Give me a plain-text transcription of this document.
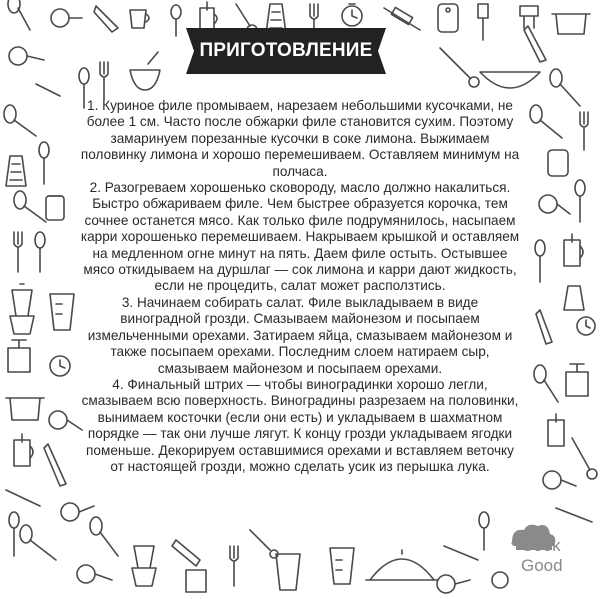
ПРИГОТОВЛЕНИЕ

1. Куриное филе промываем, нарезаем небольшими кусочками, не более 1 см. Часто после обжарки филе становится сухим. Поэтому замаринуем порезанные кусочки в соке лимона. Выжимаем половинку лимона и хорошо перемешиваем. Оставляем минимум на полчаса.

2. Разогреваем хорошенько сковороду, масло должно накалиться. Быстро обжариваем филе. Чем быстрее образуется корочка, тем сочнее останется мясо. Как только филе подрумянилось, насыпаем карри хорошенько перемешиваем. Накрываем крышкой и оставляем на медленном огне минут на пять. Даем филе остыть. Остывшее мясо откидываем на дуршлаг — сок лимона и карри дают жидкость, если не процедить, салат может расползтись.

3. Начинаем собирать салат. Филе выкладываем в виде виноградной грозди. Смазываем майонезом и посыпаем измельченными орехами. Затираем яйца, смазываем майонезом и также посыпаем орехами. Последним слоем натираем сыр, смазываем майонезом и посыпаем орехами.

4. Финальный штрих — чтобы виноградинки хорошо легли, смазываем всю поверхность. Виноградины разрезаем на половинки, вынимаем косточки (если они есть) и укладываем в шахматном порядке — так они лучше лягут. К концу грозди укладываем ягодки поменьше. Декорируем оставшимися орехами и вставляем веточку от настоящей грозди, можно сделать усик из перышка лука.

Cook
Good
